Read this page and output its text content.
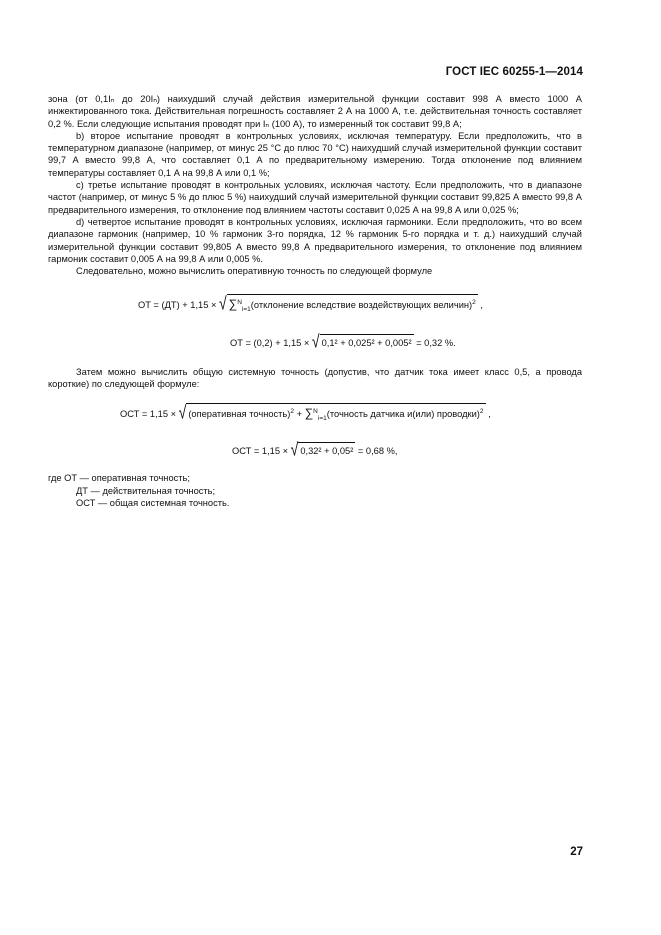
ГОСТ IEC 60255-1—2014

зона (от 0,1Iₙ до 20Iₙ) наихудший случай действия измерительной функции составит 998 А вместо 1000 А инжектированного тока. Действительная погрешность составляет 2 А на 1000 А, т.е. действительная точность составляет 0,2 %. Если следующие испытания проводят при Iₙ (100 А), то измеренный ток составит 99,8 А;

b) второе испытание проводят в контрольных условиях, исключая температуру. Если предположить, что в температурном диапазоне (например, от минус 25 °C до плюс 70 °C) наихудший случай измерительной функции составит 99,7 А вместо 99,8 А, что составляет 0,1 А по предварительному измерению. Тогда отклонение под влиянием температуры составляет 0,1 А на 99,8 А или 0,1 %;

c) третье испытание проводят в контрольных условиях, исключая частоту. Если предположить, что в диапазоне частот (например, от минус 5 % до плюс 5 %) наихудший случай измерительной функции составит 99,825 А вместо 99,8 А предварительного измерения, то отклонение под влиянием частоты составит 0,025 А на 99,8 А или 0,025 %;

d) четвертое испытание проводят в контрольных условиях, исключая гармоники. Если предположить, что во всем диапазоне гармоник (например, 10 % гармоник 3-го порядка, 12 % гармоник 5-го порядка и т. д.) наихудший случай измерительной функции составит 99,805 А вместо 99,8 А предварительного измерения, то отклонение под влиянием гармоник составит 0,005 А на 99,8 А или 0,005 %.

Следовательно, можно вычислить оперативную точность по следующей формуле

ОТ = (ДТ) + 1,15 × √ ∑$^N_{i=1}$(отклонение вследствие воздействующих величин)$^2$ ,
ОТ = (0,2) + 1,15 × √ 0,1² + 0,025² + 0,005² = 0,32 %.

Затем можно вычислить общую системную точность (допустив, что датчик тока имеет класс 0,5, а провода короткие) по следующей формуле:

ОСТ = 1,15 × √ (оперативная точность)$^2$ + ∑$^N_{i=1}$(точность датчика и(или) проводки)$^2$ ,
ОСТ = 1,15 × √ 0,32² + 0,05² = 0,68 %,

где ОТ — оперативная точность;

ДТ — действительная точность;

ОСТ — общая системная точность.

27
